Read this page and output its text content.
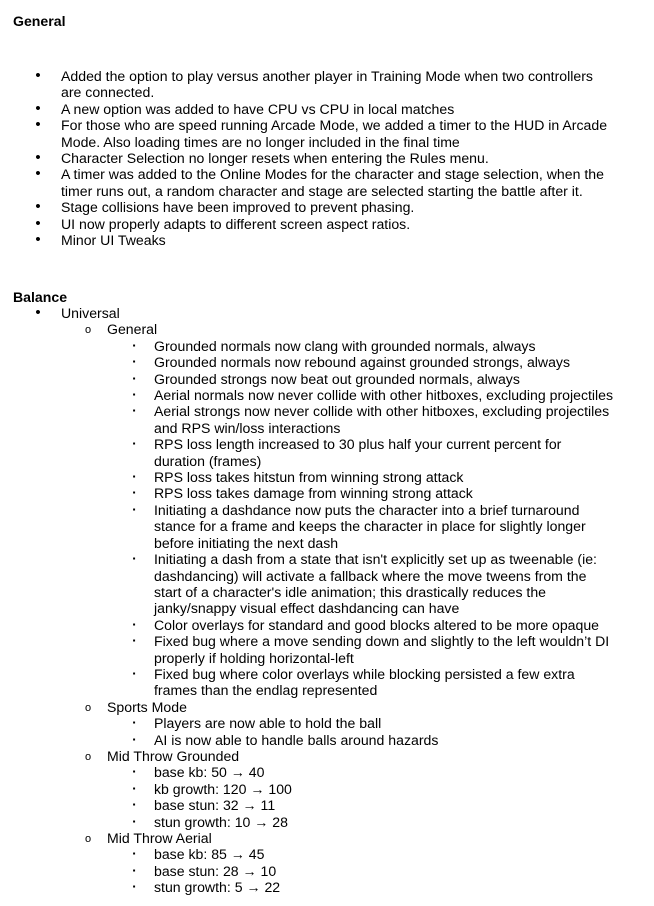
General
• Added the option to play versus another player in Training Mode when two controllers
are connected.
• A new option was added to have CPU vs CPU in local matches
• For those who are speed running Arcade Mode, we added a timer to the HUD in Arcade
Mode. Also loading times are no longer included in the final time
• Character Selection no longer resets when entering the Rules menu.
• A timer was added to the Online Modes for the character and stage selection, when the
timer runs out, a random character and stage are selected starting the battle after it.
• Stage collisions have been improved to prevent phasing.
• UI now properly adapts to different screen aspect ratios.
• Minor UI Tweaks
Balance
• Universal
o General
▪ Grounded normals now clang with grounded normals, always
▪ Grounded normals now rebound against grounded strongs, always
▪ Grounded strongs now beat out grounded normals, always
▪ Aerial normals now never collide with other hitboxes, excluding projectiles
▪ Aerial strongs now never collide with other hitboxes, excluding projectiles
and RPS win/loss interactions
▪ RPS loss length increased to 30 plus half your current percent for
duration (frames)
▪ RPS loss takes hitstun from winning strong attack
▪ RPS loss takes damage from winning strong attack
▪ Initiating a dashdance now puts the character into a brief turnaround
stance for a frame and keeps the character in place for slightly longer
before initiating the next dash
▪ Initiating a dash from a state that isn't explicitly set up as tweenable (ie:
dashdancing) will activate a fallback where the move tweens from the
start of a character's idle animation; this drastically reduces the
janky/snappy visual effect dashdancing can have
▪ Color overlays for standard and good blocks altered to be more opaque
▪ Fixed bug where a move sending down and slightly to the left wouldn’t DI
properly if holding horizontal-left
▪ Fixed bug where color overlays while blocking persisted a few extra
frames than the endlag represented
o Sports Mode
▪ Players are now able to hold the ball
▪ AI is now able to handle balls around hazards
o Mid Throw Grounded
▪ base kb: 50 → 40
▪ kb growth: 120 → 100
▪ base stun: 32 → 11
▪ stun growth: 10 → 28
o Mid Throw Aerial
▪ base kb: 85 → 45
▪ base stun: 28 → 10
▪ stun growth: 5 → 22
